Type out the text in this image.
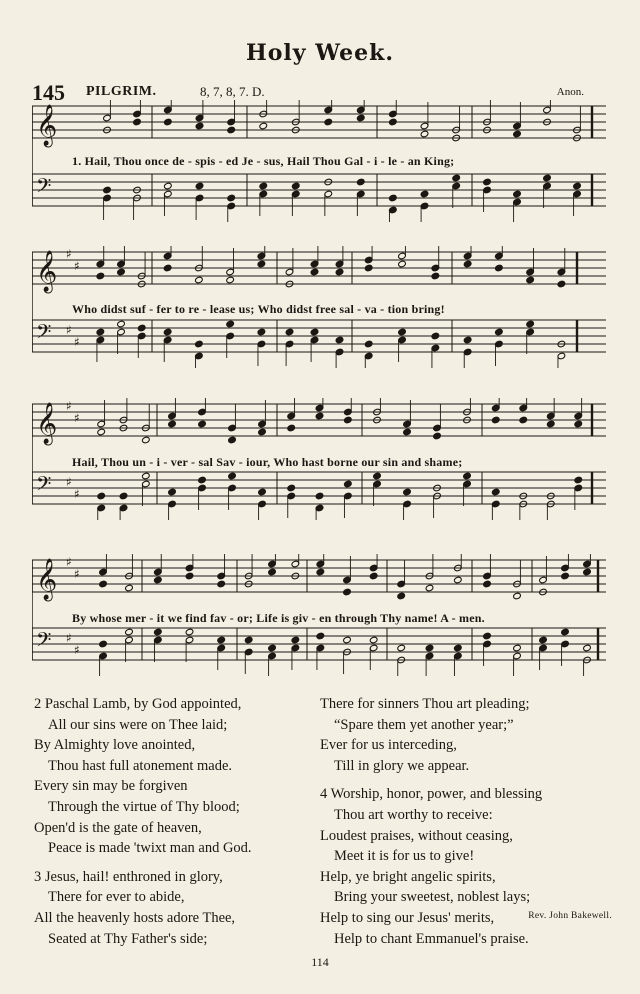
Holy Week.
145 PILGRIM.	8, 7, 8, 7. D.	Anon.
𝄞
𝄢
1. Hail, Thou once de - spis - ed Je - sus, Hail Thou Gal - i - le - an King;
𝄞 ♯
♯
𝄢 ♯
♯
Who didst suf - fer to re - lease us; Who didst free sal - va - tion bring!
𝄞 ♯
♯
𝄢 ♯
♯
Hail, Thou un - i - ver - sal Sav - iour, Who hast borne our sin and shame;
𝄞 ♯
♯
𝄢 ♯
♯
By whose mer - it we find fav - or; Life is giv - en through Thy name! A - men.
2 Paschal Lamb, by God appointed,
All our sins were on Thee laid;
By Almighty love anointed,
Thou hast full atonement made.
Every sin may be forgiven
Through the virtue of Thy blood;
Open'd is the gate of heaven,
Peace is made 'twixt man and God.
3 Jesus, hail! enthroned in glory,
There for ever to abide,
All the heavenly hosts adore Thee,
Seated at Thy Father's side;
There for sinners Thou art pleading;
“Spare them yet another year;”
Ever for us interceding,
Till in glory we appear.
4 Worship, honor, power, and blessing
Thou art worthy to receive:
Loudest praises, without ceasing,
Meet it is for us to give!
Help, ye bright angelic spirits,
Bring your sweetest, noblest lays;
Help to sing our Jesus' merits,
Help to chant Emmanuel's praise.
Rev. John Bakewell.
114
